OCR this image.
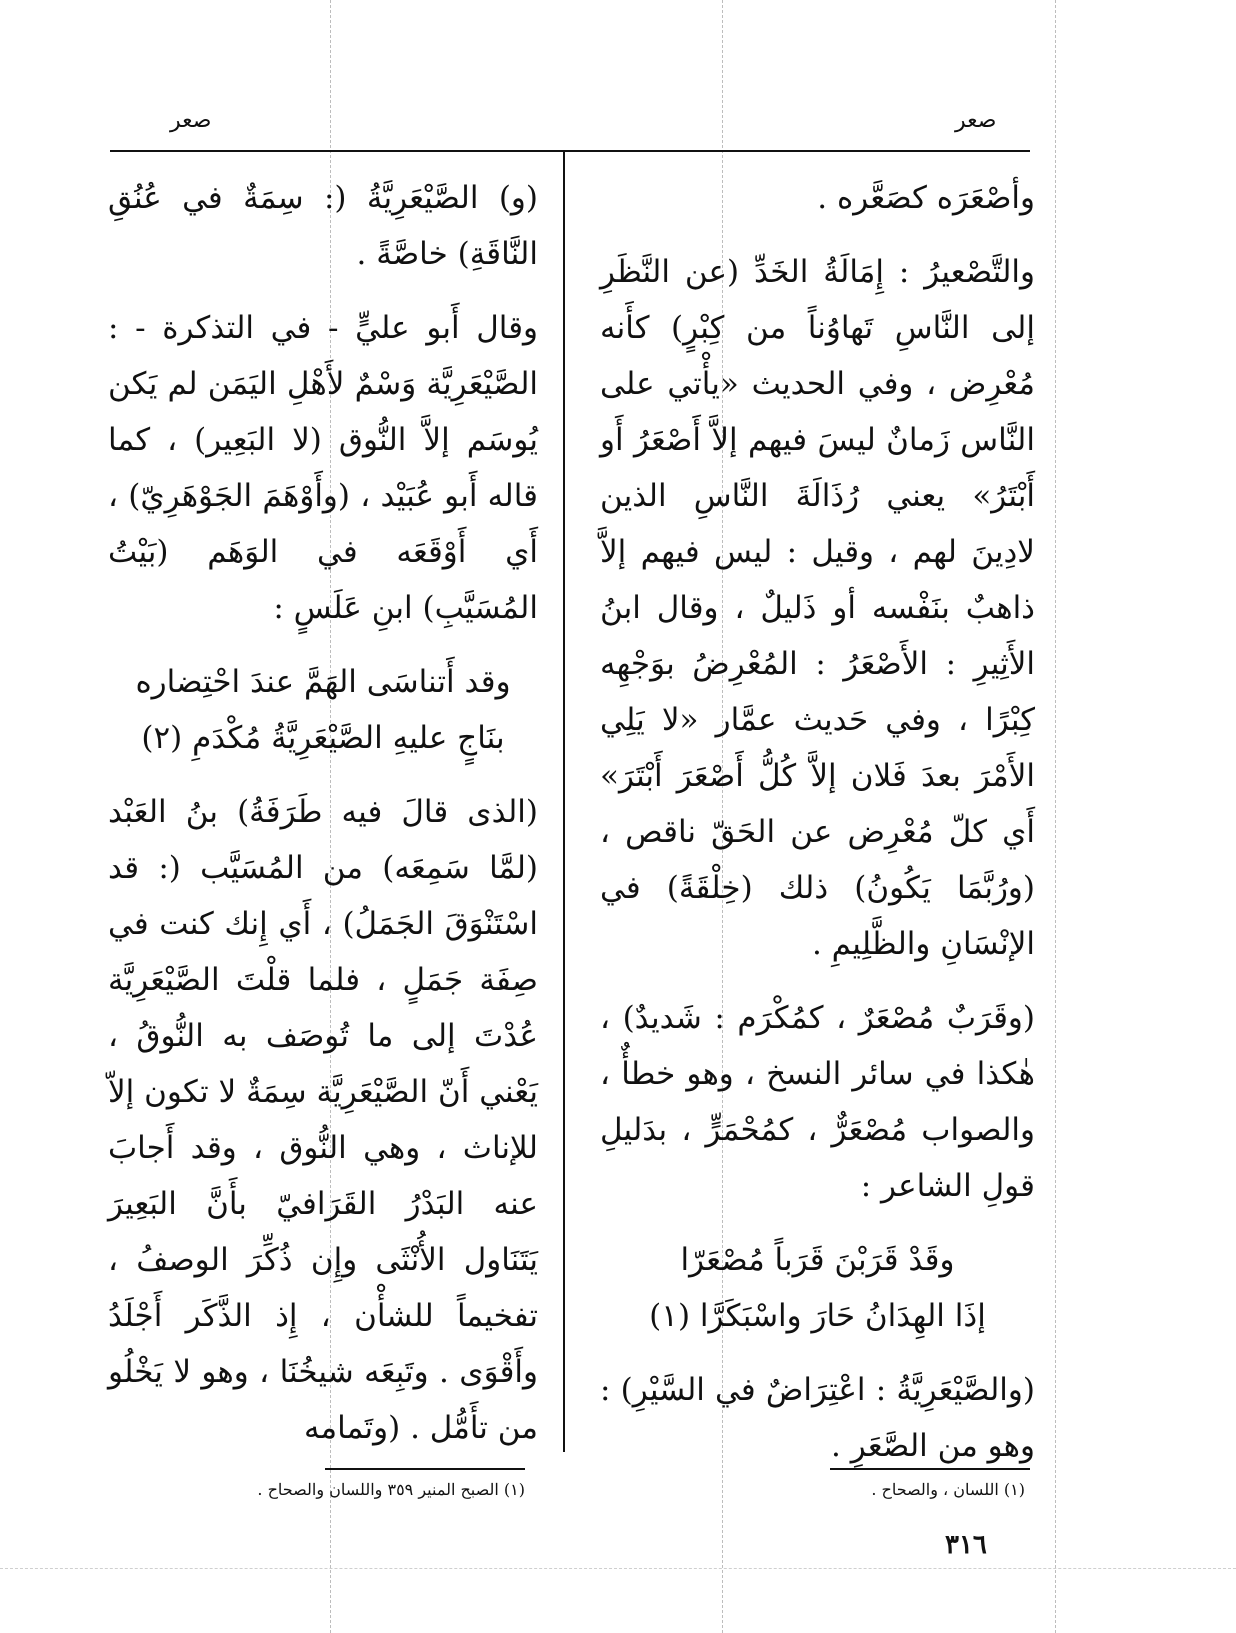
صعر	صعر

وأصْعَرَه كصَعَّره .

والتَّصْعيرُ : إِمَالَةُ الخَدِّ (عن النَّظَرِ إلى النَّاسِ تَهاوُناً من كِبْرٍ) كأَنه مُعْرِض ، وفي الحديث «يأْتي على النَّاس زَمانٌ ليسَ فيهم إلاَّ أَصْعَرُ أَو أَبْتَرُ» يعني رُذَالَةَ النَّاسِ الذين لادِينَ لهم ، وقيل : ليس فيهم إلاَّ ذاهبٌ بنَفْسه أو ذَليلٌ ، وقال ابنُ الأَثِيرِ : الأَصْعَرُ : المُعْرِضُ بوَجْهِه كِبْرًا ، وفي حَديث عمَّار «لا يَلِي الأَمْرَ بعدَ فَلان إلاَّ كُلُّ أَصْعَرَ أَبْتَرَ» أَي كلّ مُعْرِض عن الحَقّ ناقص ، (ورُبَّمَا يَكُونُ) ذلك (خِلْقَةً) في الإنْسَانِ والظَّلِيمِ .

(وقَرَبٌ مُصْعَرٌ ، كمُكْرَم : شَديدٌ) ، هٰكذا في سائر النسخ ، وهو خطأٌ ، والصواب مُصْعَرٌّ ، كمُحْمَرٍّ ، بدَليلِ قولِ الشاعر :

وقَدْ قَرَبْنَ قَرَباً مُصْعَرّا

إذَا الهِدَانُ حَارَ واسْبَكَرَّا (١)

(والصَّيْعَرِيَّةُ : اعْتِرَاضٌ في السَّيْرِ) : وهو من الصَّعَرِ .

(و) الصَّيْعَرِيَّةُ (: سِمَةٌ في عُنُقِ النَّاقَةِ) خاصَّةً .

وقال أَبو عليٍّ - في التذكرة - : الصَّيْعَرِيَّة وَسْمٌ لأَهْلِ اليَمَن لم يَكن يُوسَم إلاَّ النُّوق (لا البَعِير) ، كما قاله أَبو عُبَيْد ، (وأَوْهَمَ الجَوْهَرِيّ) ، أَي أَوْقَعَه في الوَهَم (بَيْتُ المُسَيَّبِ) ابنِ عَلَسٍ :

وقد أَتناسَى الهَمَّ عندَ احْتِضاره

بنَاجٍ عليهِ الصَّيْعَرِيَّةُ مُكْدَمِ (٢)

(الذى قالَ فيه طَرَفَةُ) بنُ العَبْد (لمَّا سَمِعَه) من المُسَيَّب (: قد اسْتَنْوَقَ الجَمَلُ) ، أَي إِنك كنت في صِفَة جَمَلٍ ، فلما قلْتَ الصَّيْعَرِيَّة عُدْتَ إلى ما تُوصَف به النُّوقُ ، يَعْني أَنّ الصَّيْعَرِيَّة سِمَةٌ لا تكون إلاّ للإناث ، وهي النُّوق ، وقد أَجابَ عنه البَدْرُ القَرَافيّ بأَنَّ البَعِيرَ يَتَنَاول الأُنْثَى وإِن ذُكِّرَ الوصفُ ، تفخيماً للشأْن ، إِذ الذَّكَر أَجْلَدُ وأَقْوَى . وتَبِعَه شيخُنَا ، وهو لا يَخْلُو من تأَمُّل . (وتَمامه

(١) اللسان ، والصحاح .
(١) الصبح المنير ٣٥٩ واللسان والصحاح .
٣١٦
